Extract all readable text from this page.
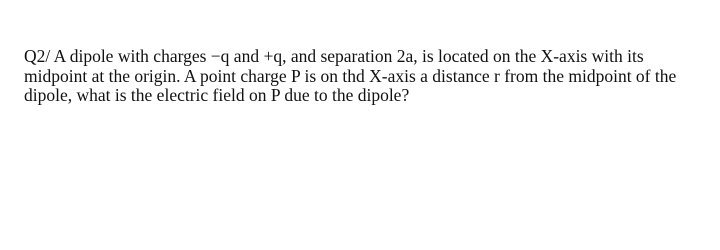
Q2/ A dipole with charges −q and +q, and separation 2a, is located on the X-axis with its
midpoint at the origin. A point charge P is on thd X-axis a distance r from the midpoint of the
dipole, what is the electric field on P due to the dipole?
